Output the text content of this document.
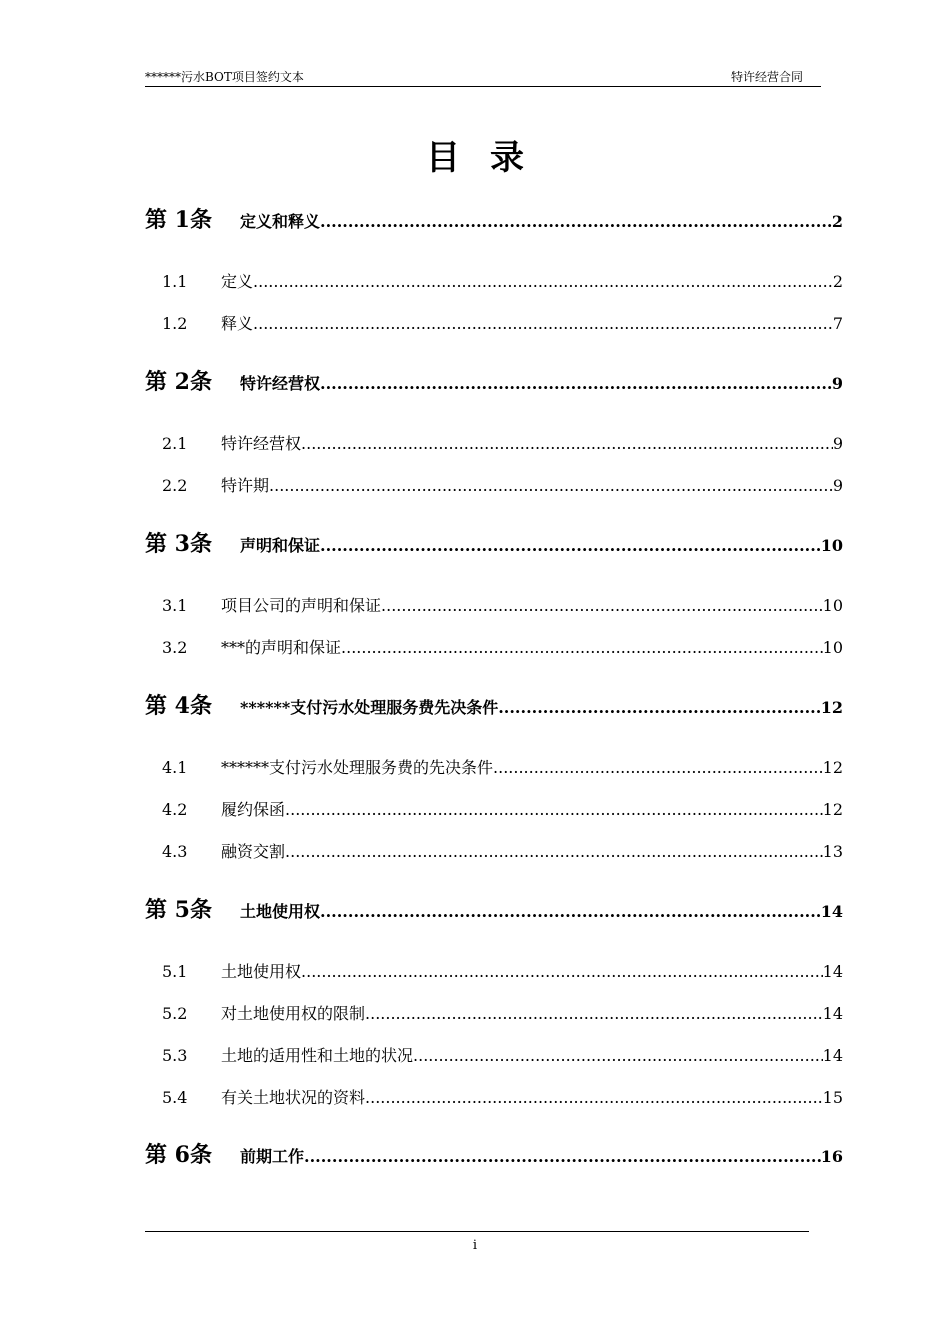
******污水BOT项目签约文本	特许经营合同
目录
第 1条	定义和释义 .....	2
1.1	定义 .....	2
1.2	释义 .....	7
第 2条	特许经营权 .....	9
2.1	特许经营权 .....	9
2.2	特许期 .....	9
第 3条	声明和保证 .....	10
3.1	项目公司的声明和保证 .....	10
3.2	***的声明和保证 .....	10
第 4条	******支付污水处理服务费先决条件 .....	12
4.1	******支付污水处理服务费的先决条件 .....	12
4.2	履约保函 .....	12
4.3	融资交割 .....	13
第 5条	土地使用权 .....	14
5.1	土地使用权 .....	14
5.2	对土地使用权的限制 .....	14
5.3	土地的适用性和土地的状况 .....	14
5.4	有关土地状况的资料 .....	15
第 6条	前期工作 .....	16
i
